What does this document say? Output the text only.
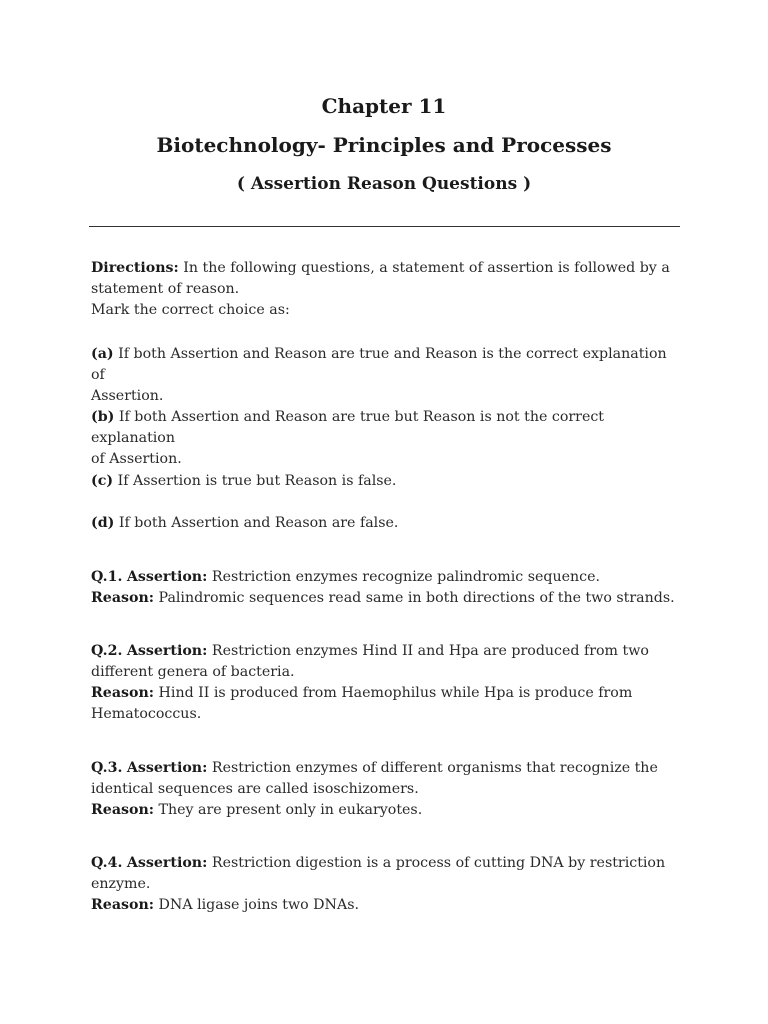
Chapter 11
Biotechnology- Principles and Processes
( Assertion Reason Questions )

Directions: In the following questions, a statement of assertion is followed by a

statement of reason.

Mark the correct choice as:

(a) If both Assertion and Reason are true and Reason is the correct explanation of

Assertion.

(b) If both Assertion and Reason are true but Reason is not the correct explanation

of Assertion.

(c) If Assertion is true but Reason is false.

(d) If both Assertion and Reason are false.

Q.1. Assertion: Restriction enzymes recognize palindromic sequence.

Reason: Palindromic sequences read same in both directions of the two strands.

Q.2. Assertion: Restriction enzymes Hind II and Hpa are produced from two

different genera of bacteria.

Reason: Hind II is produced from Haemophilus while Hpa is produce from

Hematococcus.

Q.3. Assertion: Restriction enzymes of different organisms that recognize the

identical sequences are called isoschizomers.

Reason: They are present only in eukaryotes.

Q.4. Assertion: Restriction digestion is a process of cutting DNA by restriction

enzyme.

Reason: DNA ligase joins two DNAs.
